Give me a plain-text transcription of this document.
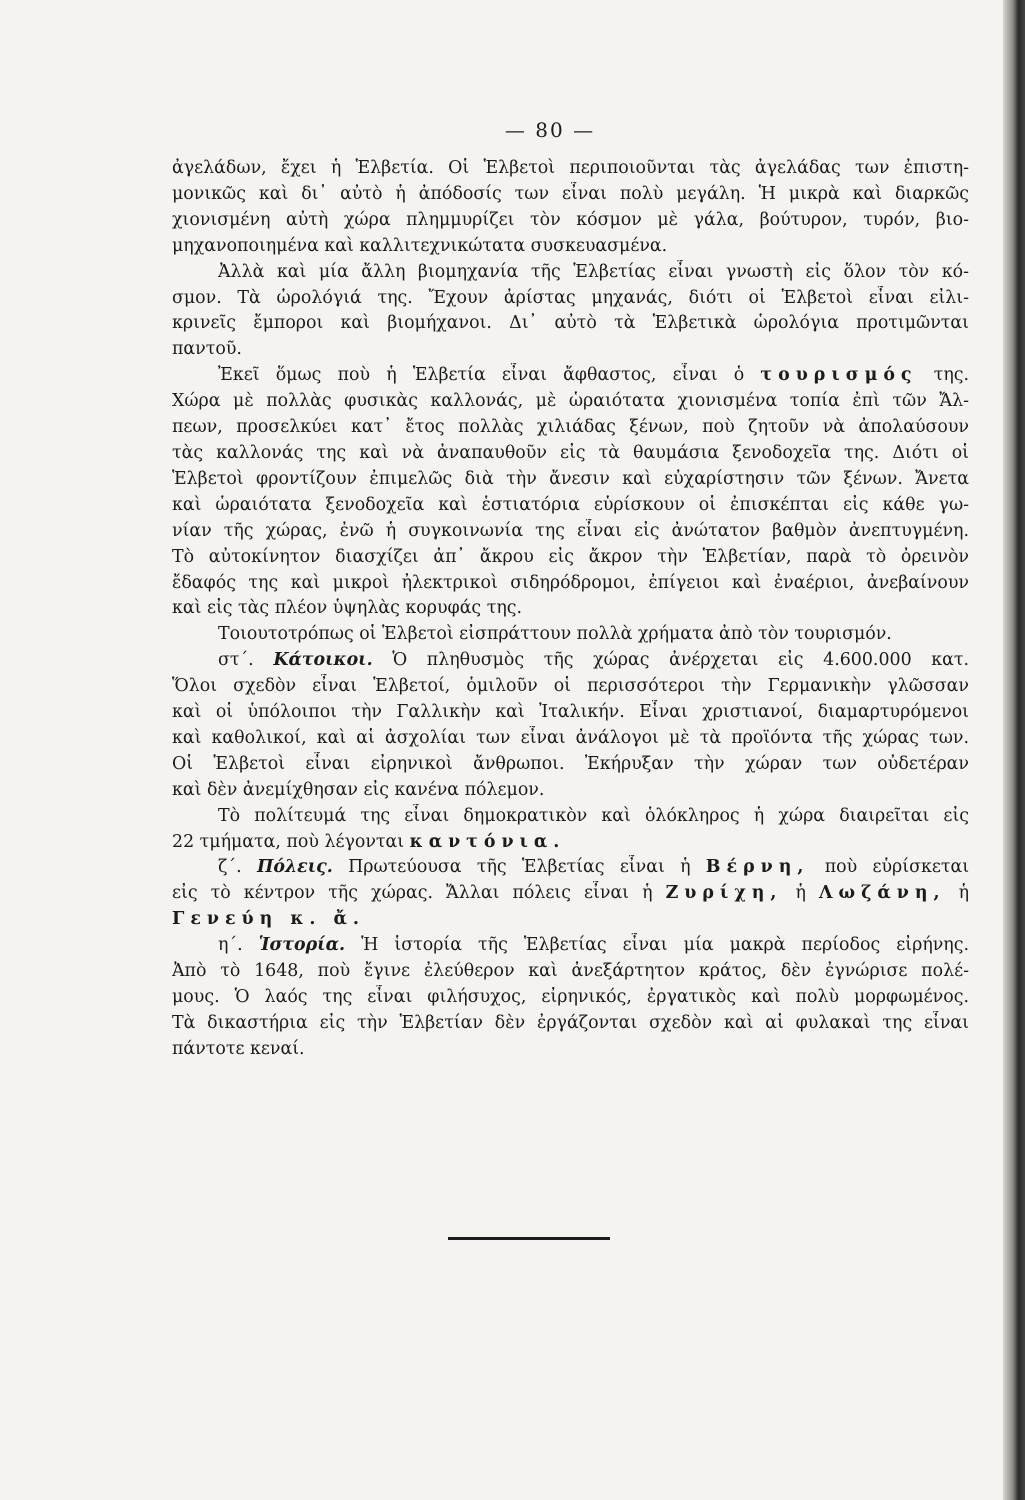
— 80 —
ἀγελάδων, ἔχει ἡ Ἑλβετία. Οἱ Ἑλβετοὶ περιποιοῦνται τὰς ἀγελάδας των ἐπιστη-
μονικῶς καὶ δι᾽ αὐτὸ ἡ ἀπόδοσίς των εἶναι πολὺ μεγάλη. Ἡ μικρὰ καὶ διαρκῶς
χιονισμένη αὐτὴ χώρα πλημμυρίζει τὸν κόσμον μὲ γάλα, βούτυρον, τυρόν, βιο-
μηχανοποιημένα καὶ καλλιτεχνικώτατα συσκευασμένα.
Ἀλλὰ καὶ μία ἄλλη βιομηχανία τῆς Ἑλβετίας εἶναι γνωστὴ εἰς ὅλον τὸν κό-
σμον. Τὰ ὡρολόγιά της. Ἔχουν ἀρίστας μηχανάς, διότι οἱ Ἑλβετοὶ εἶναι εἰλι-
κρινεῖς ἔμποροι καὶ βιομήχανοι. Δι᾽ αὐτὸ τὰ Ἑλβετικὰ ὡρολόγια προτιμῶνται
παντοῦ.
Ἐκεῖ ὅμως ποὺ ἡ Ἑλβετία εἶναι ἄφθαστος, εἶναι ὁ τουρισμός της.
Χώρα μὲ πολλὰς φυσικὰς καλλονάς, μὲ ὡραιότατα χιονισμένα τοπία ἐπὶ τῶν Ἄλ-
πεων, προσελκύει κατ᾽ ἔτος πολλὰς χιλιάδας ξένων, ποὺ ζητοῦν νὰ ἀπολαύσουν
τὰς καλλονάς της καὶ νὰ ἀναπαυθοῦν εἰς τὰ θαυμάσια ξενοδοχεῖα της. Διότι οἱ
Ἑλβετοὶ φροντίζουν ἐπιμελῶς διὰ τὴν ἄνεσιν καὶ εὐχαρίστησιν τῶν ξένων. Ἄνετα
καὶ ὡραιότατα ξενοδοχεῖα καὶ ἑστιατόρια εὑρίσκουν οἱ ἐπισκέπται εἰς κάθε γω-
νίαν τῆς χώρας, ἐνῶ ἡ συγκοινωνία της εἶναι εἰς ἀνώτατον βαθμὸν ἀνεπτυγμένη.
Τὸ αὐτοκίνητον διασχίζει ἀπ᾽ ἄκρου εἰς ἄκρον τὴν Ἑλβετίαν, παρὰ τὸ ὀρεινὸν
ἔδαφός της καὶ μικροὶ ἠλεκτρικοὶ σιδηρόδρομοι, ἐπίγειοι καὶ ἐναέριοι, ἀνεβαίνουν
καὶ εἰς τὰς πλέον ὑψηλὰς κορυφάς της.
Τοιουτοτρόπως οἱ Ἑλβετοὶ εἰσπράττουν πολλὰ χρήματα ἀπὸ τὸν τουρισμόν.
στ΄. Κάτοικοι. Ὁ πληθυσμὸς τῆς χώρας ἀνέρχεται εἰς 4.600.000 κατ.
Ὅλοι σχεδὸν εἶναι Ἑλβετοί, ὁμιλοῦν οἱ περισσότεροι τὴν Γερμανικὴν γλῶσσαν
καὶ οἱ ὑπόλοιποι τὴν Γαλλικὴν καὶ Ἰταλικήν. Εἶναι χριστιανοί, διαμαρτυρόμενοι
καὶ καθολικοί, καὶ αἱ ἀσχολίαι των εἶναι ἀνάλογοι μὲ τὰ προϊόντα τῆς χώρας των.
Οἱ Ἑλβετοὶ εἶναι εἰρηνικοὶ ἄνθρωποι. Ἐκήρυξαν τὴν χώραν των οὐδετέραν
καὶ δὲν ἀνεμίχθησαν εἰς κανένα πόλεμον.
Τὸ πολίτευμά της εἶναι δημοκρατικὸν καὶ ὁλόκληρος ἡ χώρα διαιρεῖται εἰς
22 τμήματα, ποὺ λέγονται καντόνια.
ζ΄. Πόλεις. Πρωτεύουσα τῆς Ἑλβετίας εἶναι ἡ Βέρνη, ποὺ εὑρίσκεται
εἰς τὸ κέντρον τῆς χώρας. Ἄλλαι πόλεις εἶναι ἡ Ζυρίχη, ἡ Λωζάνη, ἡ
Γενεύη κ. ἄ.
η΄. Ἱστορία. Ἡ ἱστορία τῆς Ἑλβετίας εἶναι μία μακρὰ περίοδος εἰρήνης.
Ἀπὸ τὸ 1648, ποὺ ἔγινε ἐλεύθερον καὶ ἀνεξάρτητον κράτος, δὲν ἐγνώρισε πολέ-
μους. Ὁ λαός της εἶναι φιλήσυχος, εἰρηνικός, ἐργατικὸς καὶ πολὺ μορφωμένος.
Τὰ δικαστήρια εἰς τὴν Ἑλβετίαν δὲν ἐργάζονται σχεδὸν καὶ αἱ φυλακαὶ της εἶναι
πάντοτε κεναί.
